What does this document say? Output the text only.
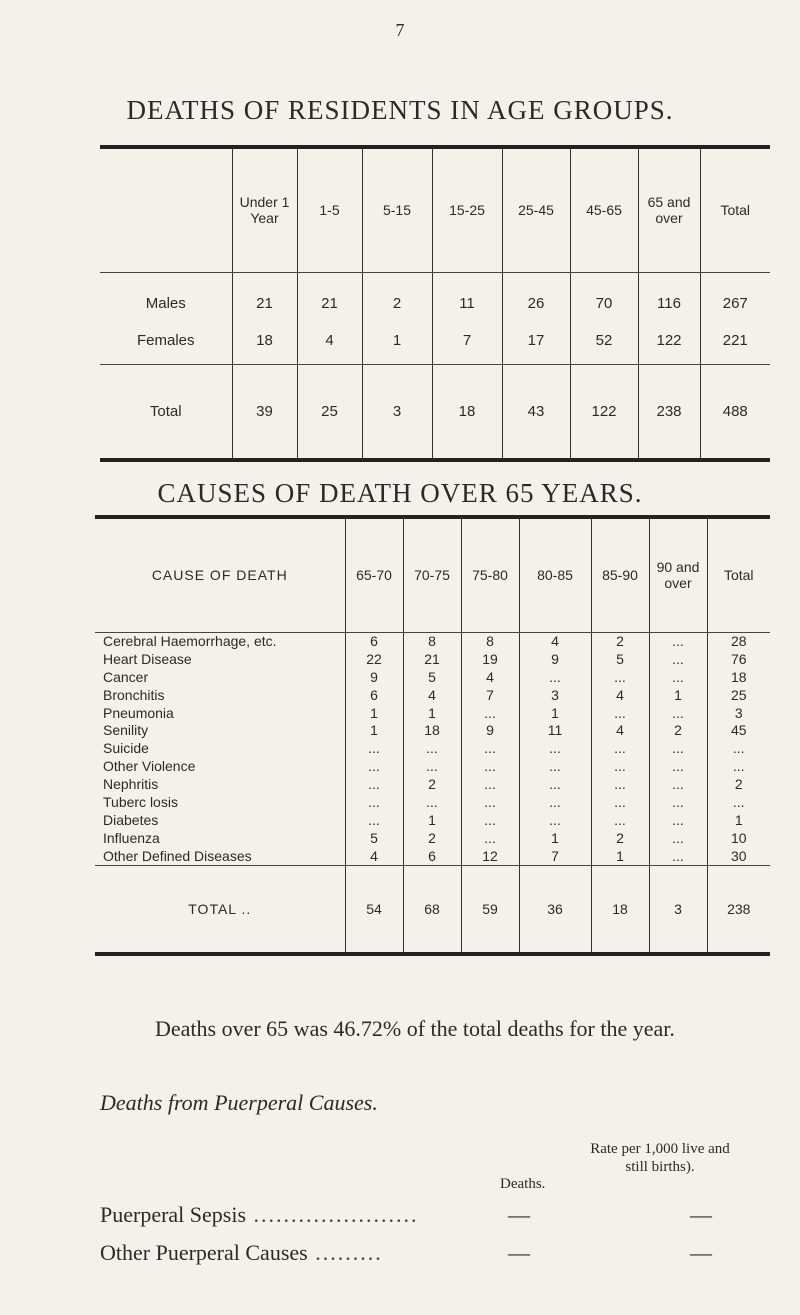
7
DEATHS OF RESIDENTS IN AGE GROUPS.
	Under 1 Year	1-5	5-15	15-25	25-45	45-65	65 and over	Total
Males	21	21	2	11	26	70	116	267
Females	18	4	1	7	17	52	122	221
Total	39	25	3	18	43	122	238	488
CAUSES OF DEATH OVER 65 YEARS.
CAUSE OF DEATH	65-70	70-75	75-80	80-85	85-90	90 and over	Total
Cerebral Haemorrhage, etc.	6	8	8	4	2	...	28
Heart Disease	22	21	19	9	5	...	76
Cancer	9	5	4	...	...	...	18
Bronchitis	6	4	7	3	4	1	25
Pneumonia	1	1	...	1	...	...	3
Senility	1	18	9	11	4	2	45
Suicide	...	...	...	...	...	...	...
Other Violence	...	...	...	...	...	...	...
Nephritis	...	2	...	...	...	...	2
Tuberc losis	...	...	...	...	...	...	...
Diabetes	...	1	...	...	...	...	1
Influenza	5	2	...	1	2	...	10
Other Defined Diseases	4	6	12	7	1	...	30
TOTAL ..	54	68	59	36	18	3	238
Deaths over 65 was 46.72% of the total deaths for the year.
Deaths from Puerperal Causes.
Rate per 1,000 live and still births).
Deaths.
Puerperal Sepsis ......................	—	—
Other Puerperal Causes .........	—	—
